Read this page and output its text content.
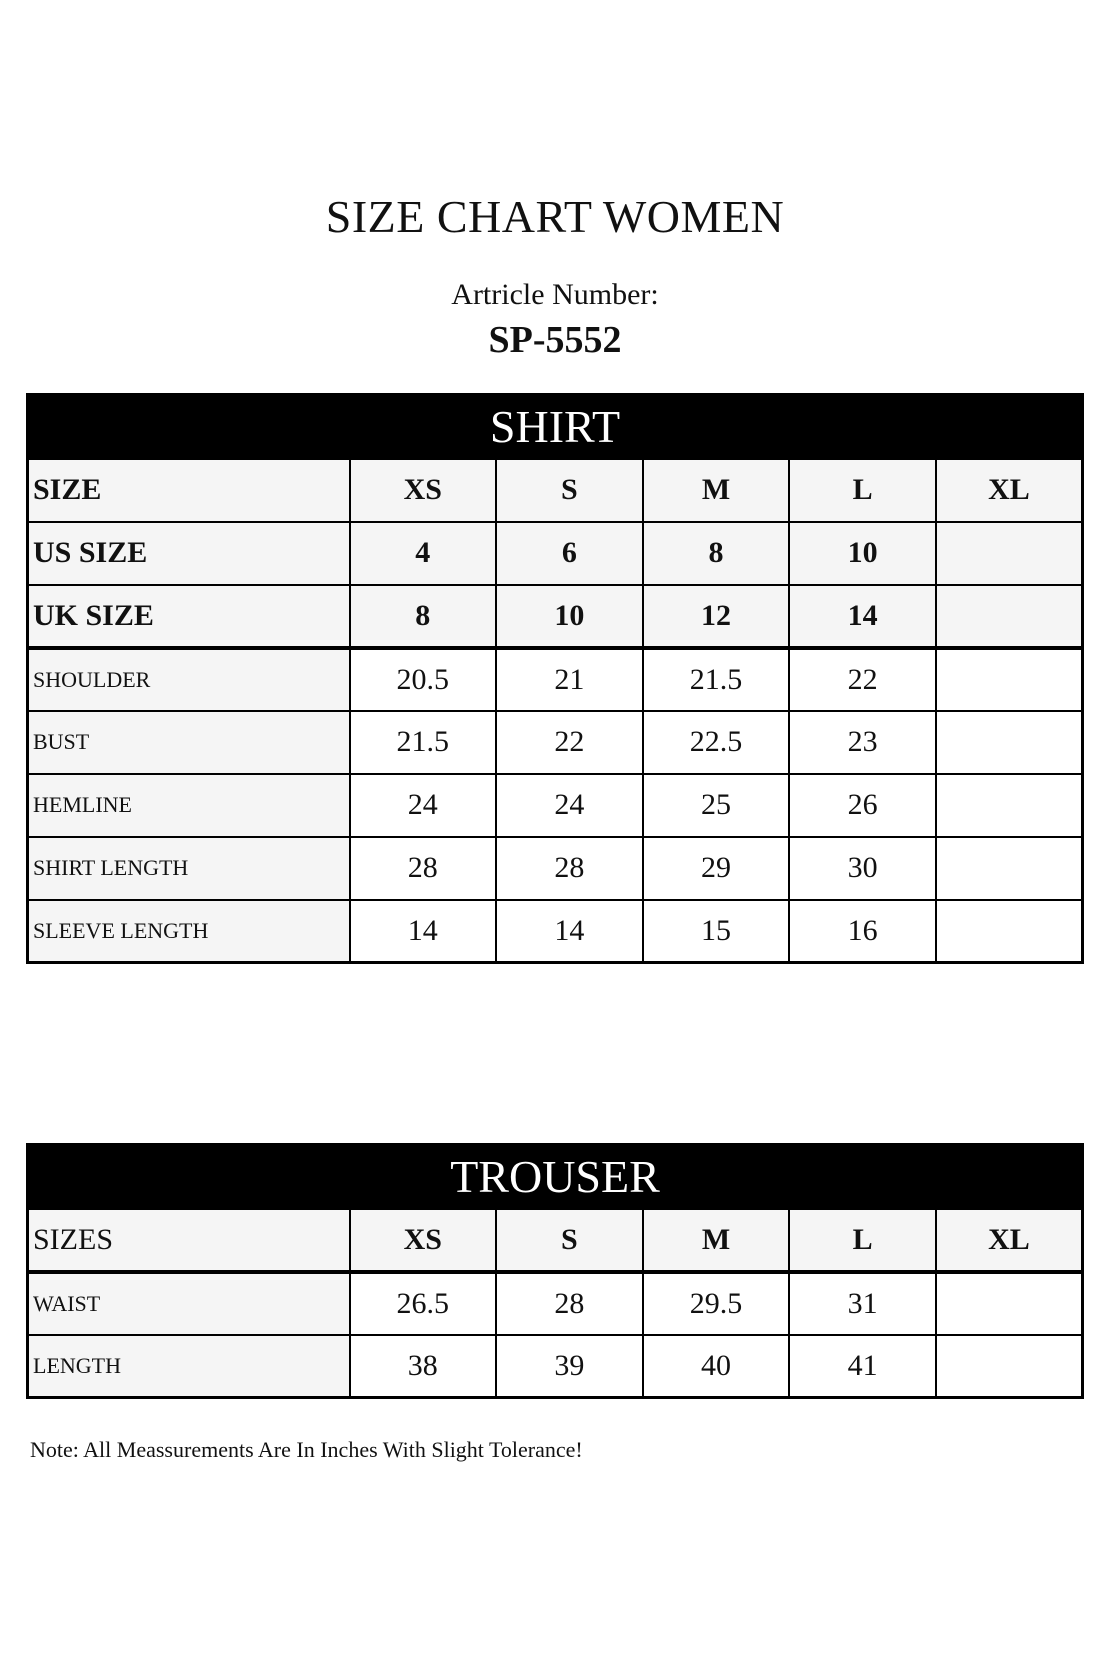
SIZE CHART WOMEN
Artricle Number:
SP-5552
SHIRT					
SIZE	XS	S	M	L	XL
US SIZE	4	6	8	10	
UK SIZE	8	10	12	14	
SHOULDER	20.5	21	21.5	22	
BUST	21.5	22	22.5	23	
HEMLINE	24	24	25	26	
SHIRT LENGTH	28	28	29	30	
SLEEVE LENGTH	14	14	15	16	
TROUSER					
SIZES	XS	S	M	L	XL
WAIST	26.5	28	29.5	31	
LENGTH	38	39	40	41	
Note: All Meassurements Are In Inches With Slight Tolerance!
